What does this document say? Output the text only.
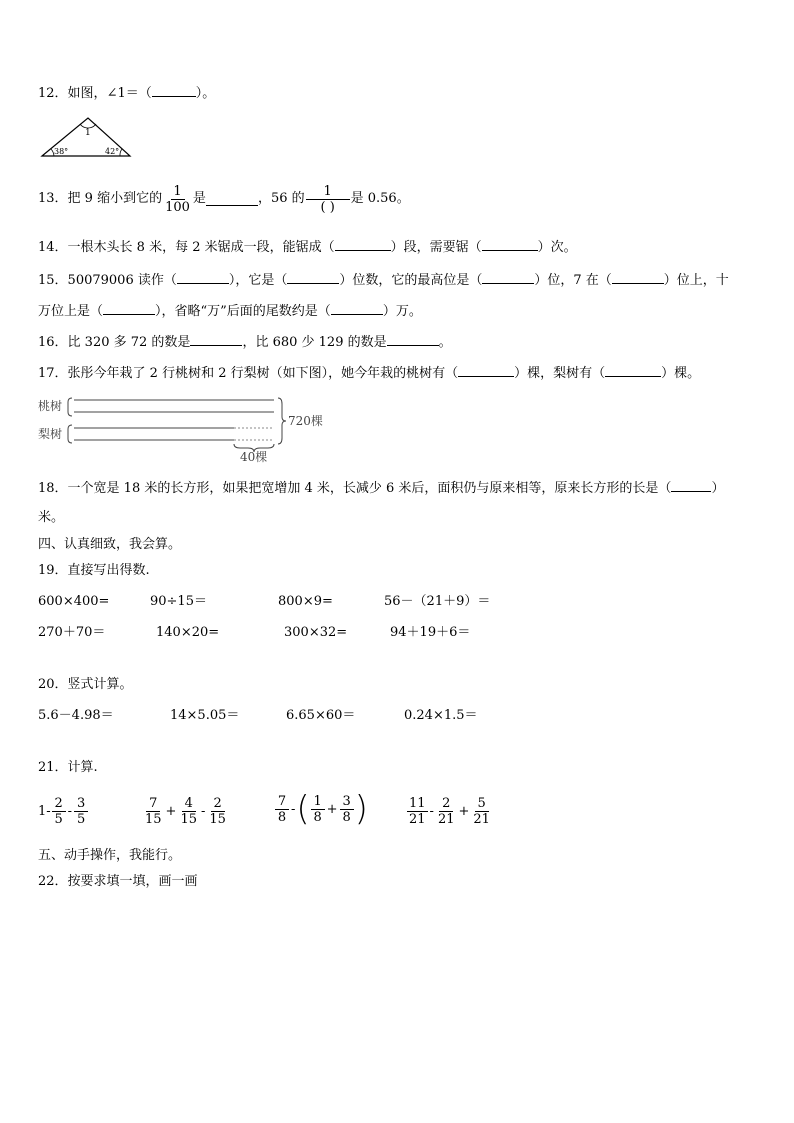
12．如图，∠1＝（	）。
1
38°	42°
13． 把 9 缩小到它的 $\frac{1}{100}$ 是	，56 的 $\frac{1}{( )}$ 是 0.56。
14．一根木头长 8 米，每 2 米锯成一段，能锯成（	）段，需要锯（	）次。
15．50079006 读作（	），它是（	）位数，它的最高位是（	）位，7 在（	）位上，十
万位上是（	），省略“万”后面的尾数约是（	）万。
16．比 320 多 72 的数是	，比 680 少 129 的数是	。
17．张彤今年栽了 2 行桃树和 2 行梨树（如下图），她今年栽的桃树有（	）棵，梨树有（	）棵。
桃树
梨树
720棵
40棵
18．一个宽是 18 米的长方形，如果把宽增加 4 米，长减少 6 米后，面积仍与原来相等，原来长方形的长是（	）
米。
四、认真细致，我会算。
19．直接写出得数.
600×400=	90÷15＝	800×9=	56－（21＋9）＝
270＋70＝	140×20=	300×32=	94＋19＋6＝
20．竖式计算。
5.6－4.98＝	14×5.05＝	6.65×60＝	0.24×1.5＝
21．计算.
$1- \frac{2}{5} - \frac{3}{5}$	$\frac{7}{15} + \frac{4}{15} - \frac{2}{15}$	$\frac{7}{8}$ - ( $\frac{1}{8} + \frac{3}{8}$ )	$\frac{11}{21} - \frac{2}{21} + \frac{5}{21}$
五、动手操作，我能行。
22．按要求填一填，画一画
